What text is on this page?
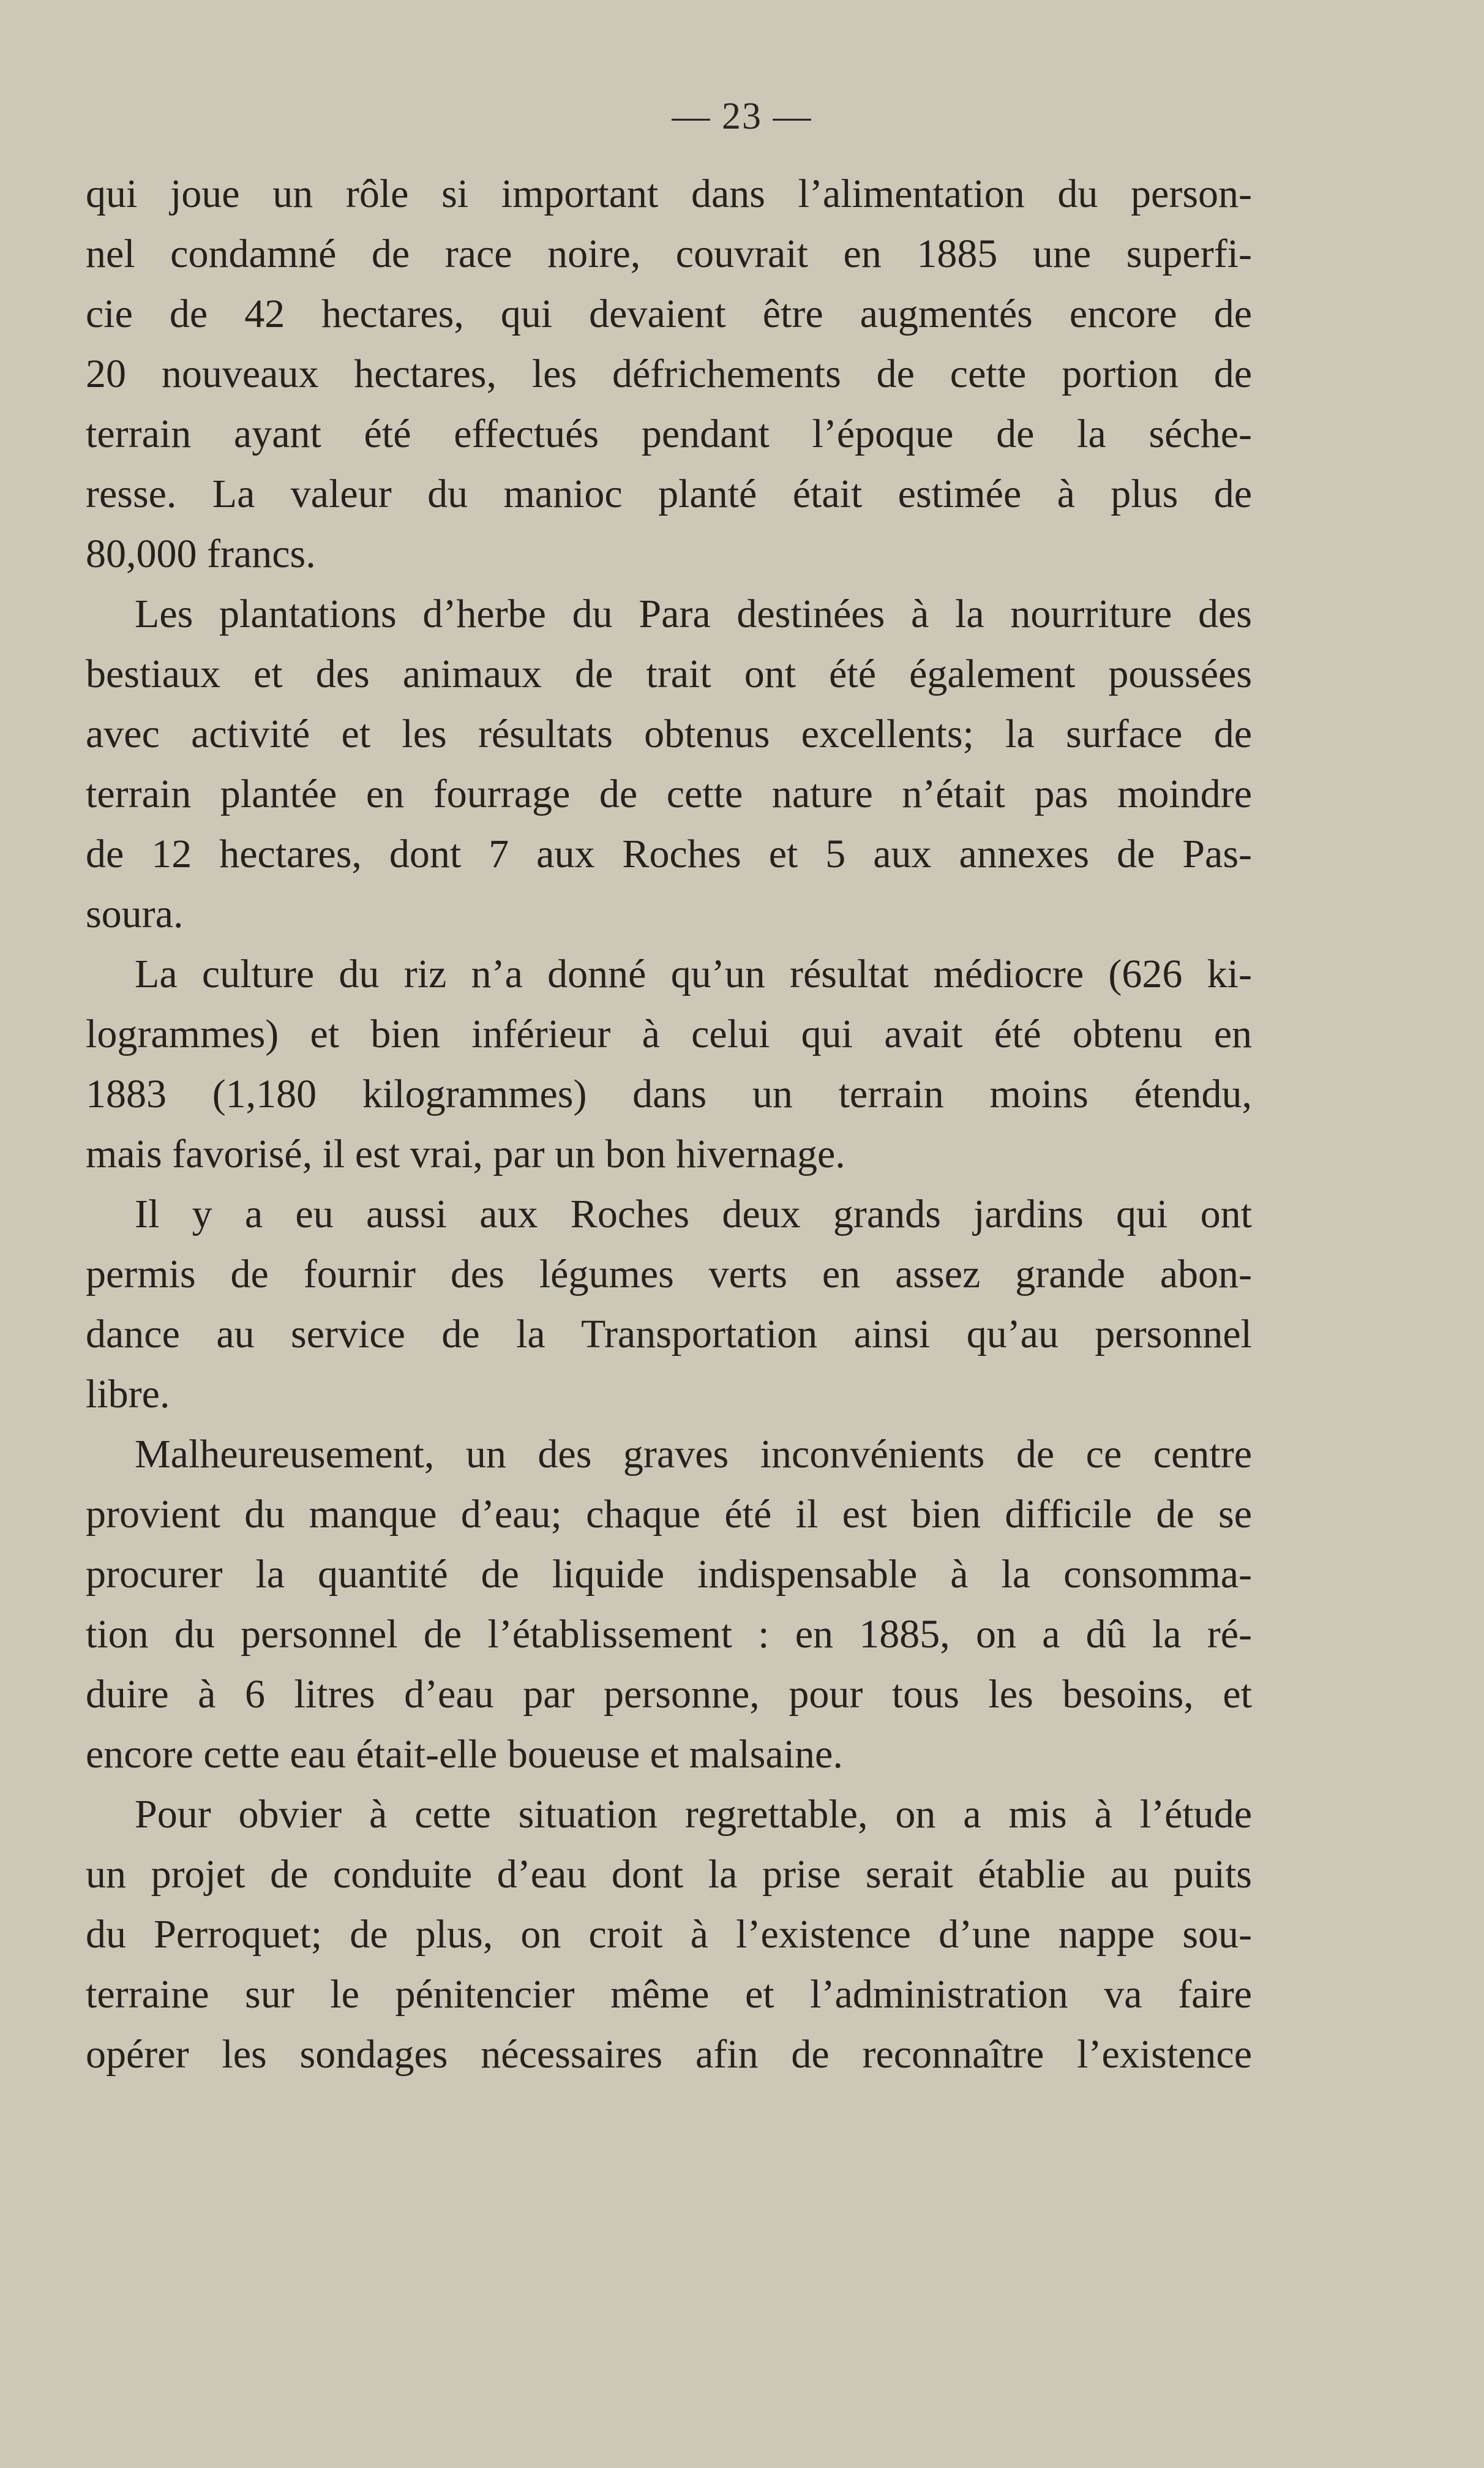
— 23 —
qui joue un rôle si important dans l’alimentation du person-
nel condamné de race noire, couvrait en 1885 une superfi-
cie de 42 hectares, qui devaient être augmentés encore de
20 nouveaux hectares, les défrichements de cette portion de
terrain ayant été effectués pendant l’époque de la séche-
resse. La valeur du manioc planté était estimée à plus de
80,000 francs.
Les plantations d’herbe du Para destinées à la nourriture des
bestiaux et des animaux de trait ont été également poussées
avec activité et les résultats obtenus excellents; la surface de
terrain plantée en fourrage de cette nature n’était pas moindre
de 12 hectares, dont 7 aux Roches et 5 aux annexes de Pas-
soura.
La culture du riz n’a donné qu’un résultat médiocre (626 ki-
logrammes) et bien inférieur à celui qui avait été obtenu en
1883 (1,180 kilogrammes) dans un terrain moins étendu,
mais favorisé, il est vrai, par un bon hivernage.
Il y a eu aussi aux Roches deux grands jardins qui ont
permis de fournir des légumes verts en assez grande abon-
dance au service de la Transportation ainsi qu’au personnel
libre.
Malheureusement, un des graves inconvénients de ce centre
provient du manque d’eau; chaque été il est bien difficile de se
procurer la quantité de liquide indispensable à la consomma-
tion du personnel de l’établissement : en 1885, on a dû la ré-
duire à 6 litres d’eau par personne, pour tous les besoins, et
encore cette eau était-elle boueuse et malsaine.
Pour obvier à cette situation regrettable, on a mis à l’étude
un projet de conduite d’eau dont la prise serait établie au puits
du Perroquet; de plus, on croit à l’existence d’une nappe sou-
terraine sur le pénitencier même et l’administration va faire
opérer les sondages nécessaires afin de reconnaître l’existence
